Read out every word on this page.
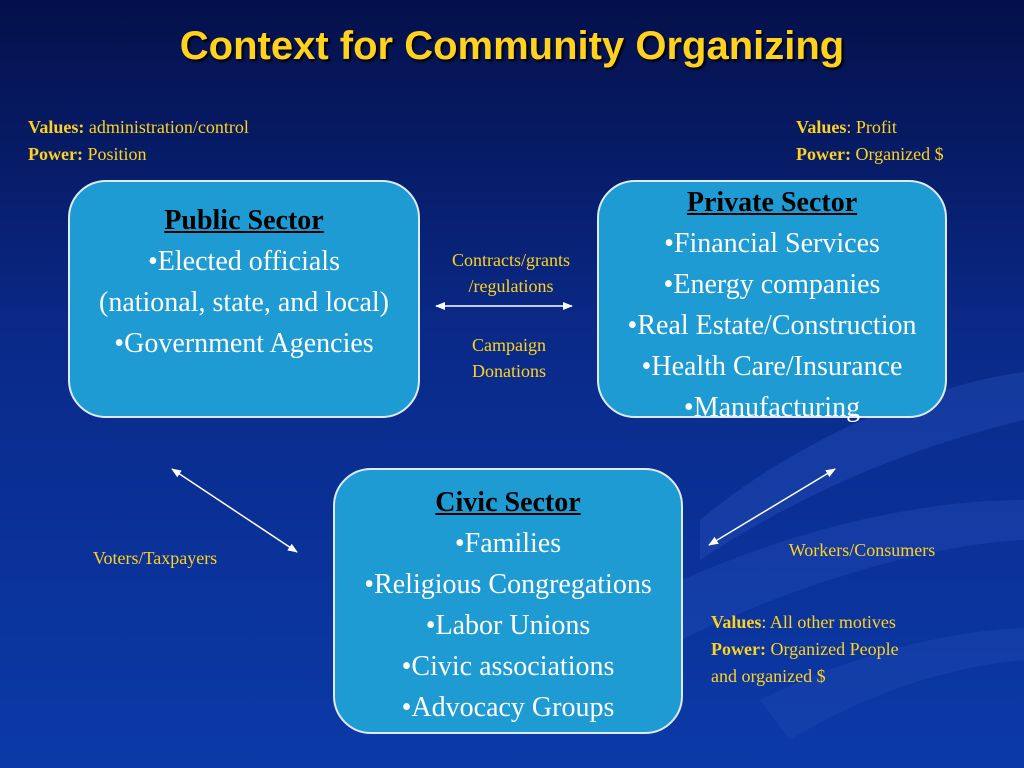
Context for Community Organizing
Values: administration/control
Power: Position
Values: Profit
Power: Organized $
Values: All other motives
Power: Organized People
and organized $
Public Sector
•Elected officials
(national, state, and local)
•Government Agencies
Private Sector
•Financial Services
•Energy companies
•Real Estate/Construction
•Health Care/Insurance
•Manufacturing
Civic Sector
•Families
•Religious Congregations
•Labor Unions
•Civic associations
•Advocacy Groups
Contracts/grants
/regulations
Campaign
Donations
Voters/Taxpayers	Workers/Consumers
